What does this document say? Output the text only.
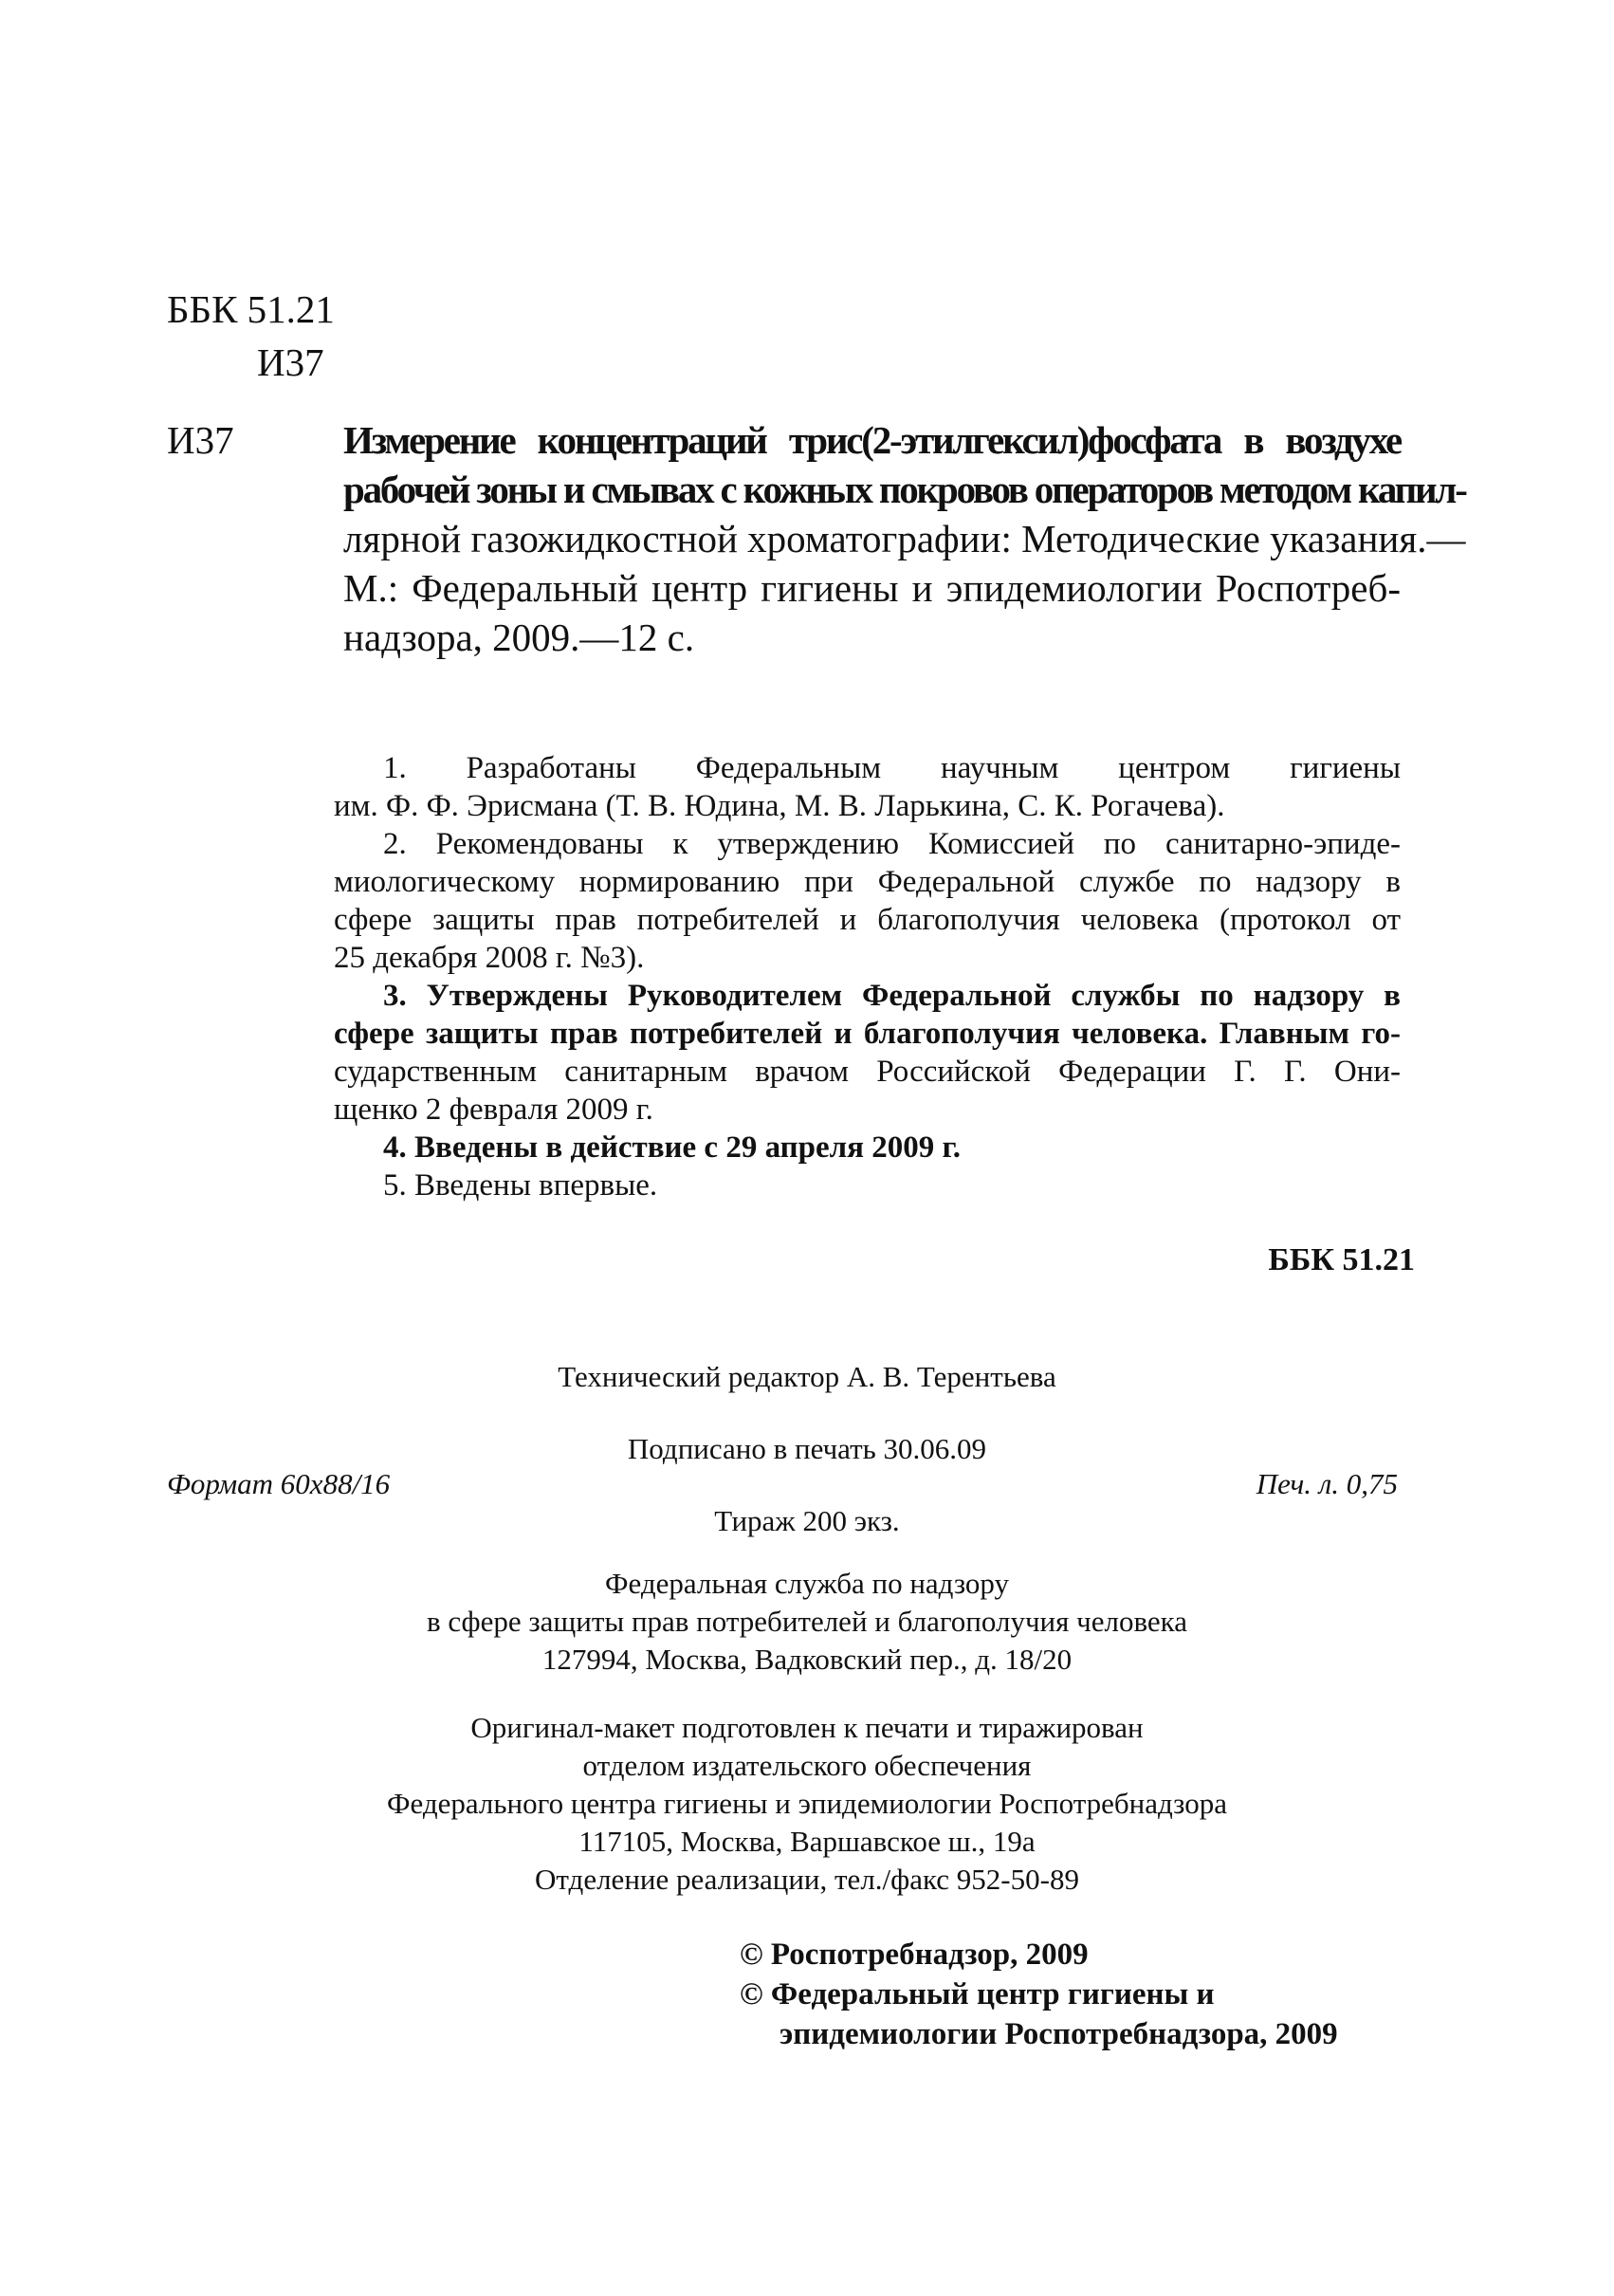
ББК 51.21
И37
И37	Измерение концентраций трис(2-этилгексил)фосфата в воздухе
рабочей зоны и смывах с кожных покровов операторов методом капил-
лярной газожидкостной хроматографии: Методические указания.—
М.: Федеральный центр гигиены и эпидемиологии Роспотреб-
надзора, 2009.—12 с.
1. Разработаны Федеральным научным центром гигиены
им. Ф. Ф. Эрисмана (Т. В. Юдина, М. В. Ларькина, С. К. Рогачева).
2. Рекомендованы к утверждению Комиссией по санитарно-эпиде-
миологическому нормированию при Федеральной службе по надзору в
сфере защиты прав потребителей и благополучия человека (протокол от
25 декабря 2008 г. №3).
3. Утверждены Руководителем Федеральной службы по надзору в
сфере защиты прав потребителей и благополучия человека. Главным го-
сударственным санитарным врачом Российской Федерации Г. Г. Они-
щенко 2 февраля 2009 г.
4. Введены в действие с 29 апреля 2009 г.
5. Введены впервые.
ББК 51.21
Технический редактор А. В. Терентьева
Подписано в печать 30.06.09
Формат 60x88/16	Печ. л. 0,75
Тираж 200 экз.
Федеральная служба по надзору
в сфере защиты прав потребителей и благополучия человека
127994, Москва, Вадковский пер., д. 18/20
Оригинал-макет подготовлен к печати и тиражирован
отделом издательского обеспечения
Федерального центра гигиены и эпидемиологии Роспотребнадзора
117105, Москва, Варшавское ш., 19а
Отделение реализации, тел./факс 952-50-89
© Роспотребнадзор, 2009
© Федеральный центр гигиены и
эпидемиологии Роспотребнадзора, 2009
